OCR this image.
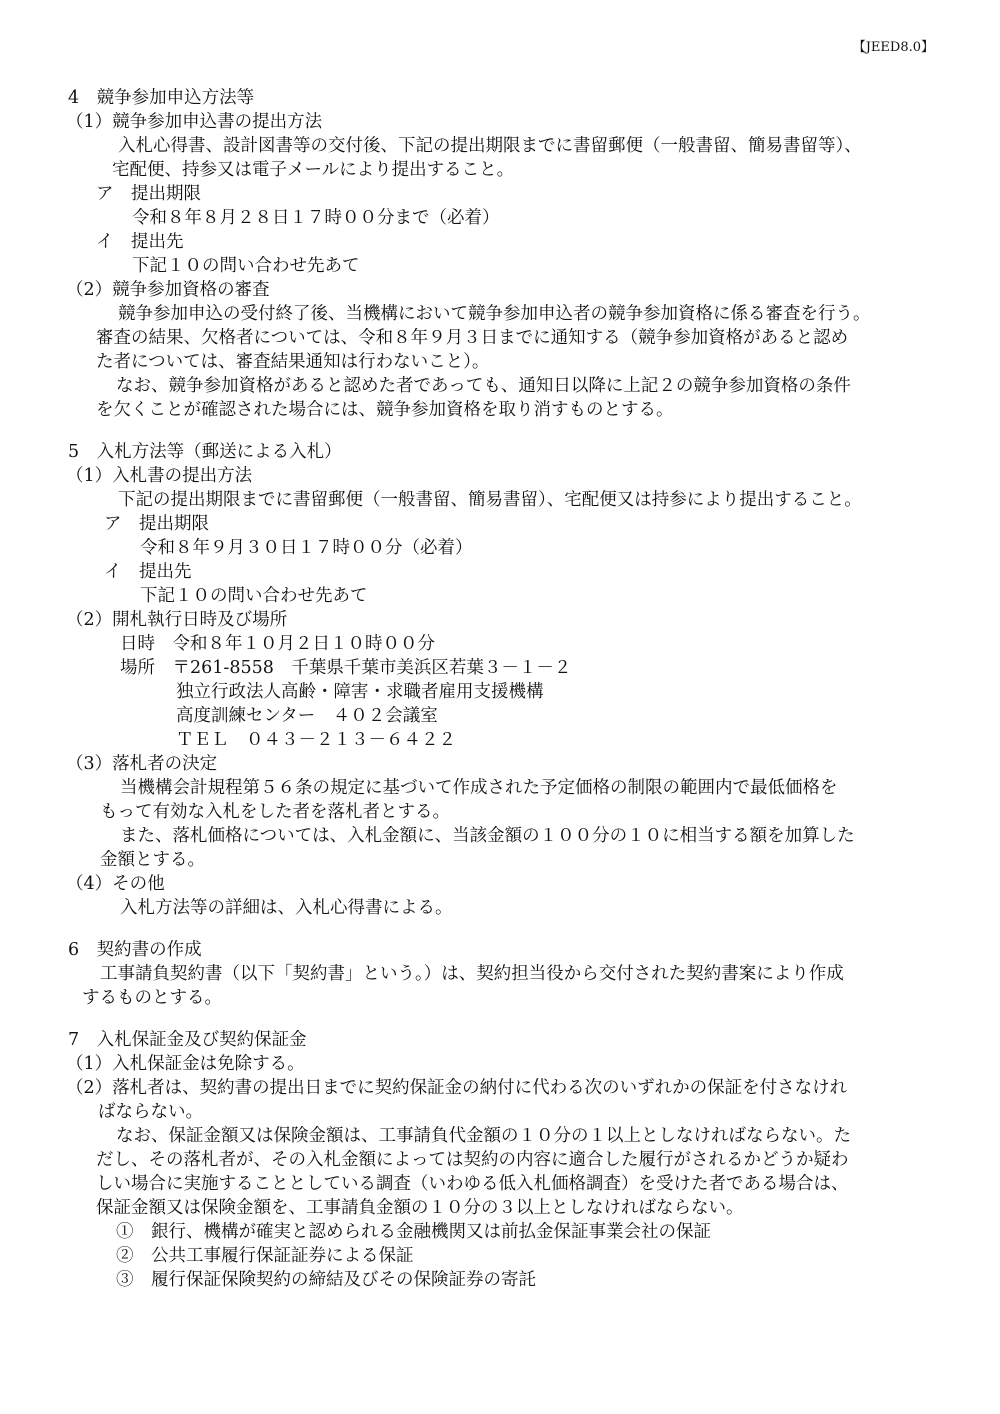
【JEED8.0】
4　競争参加申込方法等
（1）競争参加申込書の提出方法
入札心得書、設計図書等の交付後、下記の提出期限までに書留郵便（一般書留、簡易書留等）、
宅配便、持参又は電子メールにより提出すること。
ア　提出期限
令和８年８月２８日１７時００分まで（必着）
イ　提出先
下記１０の問い合わせ先あて
（2）競争参加資格の審査
競争参加申込の受付終了後、当機構において競争参加申込者の競争参加資格に係る審査を行う。
審査の結果、欠格者については、令和８年９月３日までに通知する（競争参加資格があると認め
た者については、審査結果通知は行わないこと）。
なお、競争参加資格があると認めた者であっても、通知日以降に上記２の競争参加資格の条件
を欠くことが確認された場合には、競争参加資格を取り消すものとする。
5　入札方法等（郵送による入札）
（1）入札書の提出方法
下記の提出期限までに書留郵便（一般書留、簡易書留）、宅配便又は持参により提出すること。
ア　提出期限
令和８年９月３０日１７時００分（必着）
イ　提出先
下記１０の問い合わせ先あて
（2）開札執行日時及び場所
日時　令和８年１０月２日１０時００分
場所　〒261-8558　千葉県千葉市美浜区若葉３－１－２
独立行政法人高齢・障害・求職者雇用支援機構
高度訓練センター　４０２会議室
ＴＥＬ　０４３－２１３－６４２２
（3）落札者の決定
当機構会計規程第５６条の規定に基づいて作成された予定価格の制限の範囲内で最低価格を
もって有効な入札をした者を落札者とする。
また、落札価格については、入札金額に、当該金額の１００分の１０に相当する額を加算した
金額とする。
（4）その他
入札方法等の詳細は、入札心得書による。
6　契約書の作成
工事請負契約書（以下「契約書」という。）は、契約担当役から交付された契約書案により作成
するものとする。
7　入札保証金及び契約保証金
（1）入札保証金は免除する。
（2）落札者は、契約書の提出日までに契約保証金の納付に代わる次のいずれかの保証を付さなけれ
ばならない。
なお、保証金額又は保険金額は、工事請負代金額の１０分の１以上としなければならない。た
だし、その落札者が、その入札金額によっては契約の内容に適合した履行がされるかどうか疑わ
しい場合に実施することとしている調査（いわゆる低入札価格調査）を受けた者である場合は、
保証金額又は保険金額を、工事請負金額の１０分の３以上としなければならない。
①　銀行、機構が確実と認められる金融機関又は前払金保証事業会社の保証
②　公共工事履行保証証券による保証
③　履行保証保険契約の締結及びその保険証券の寄託
